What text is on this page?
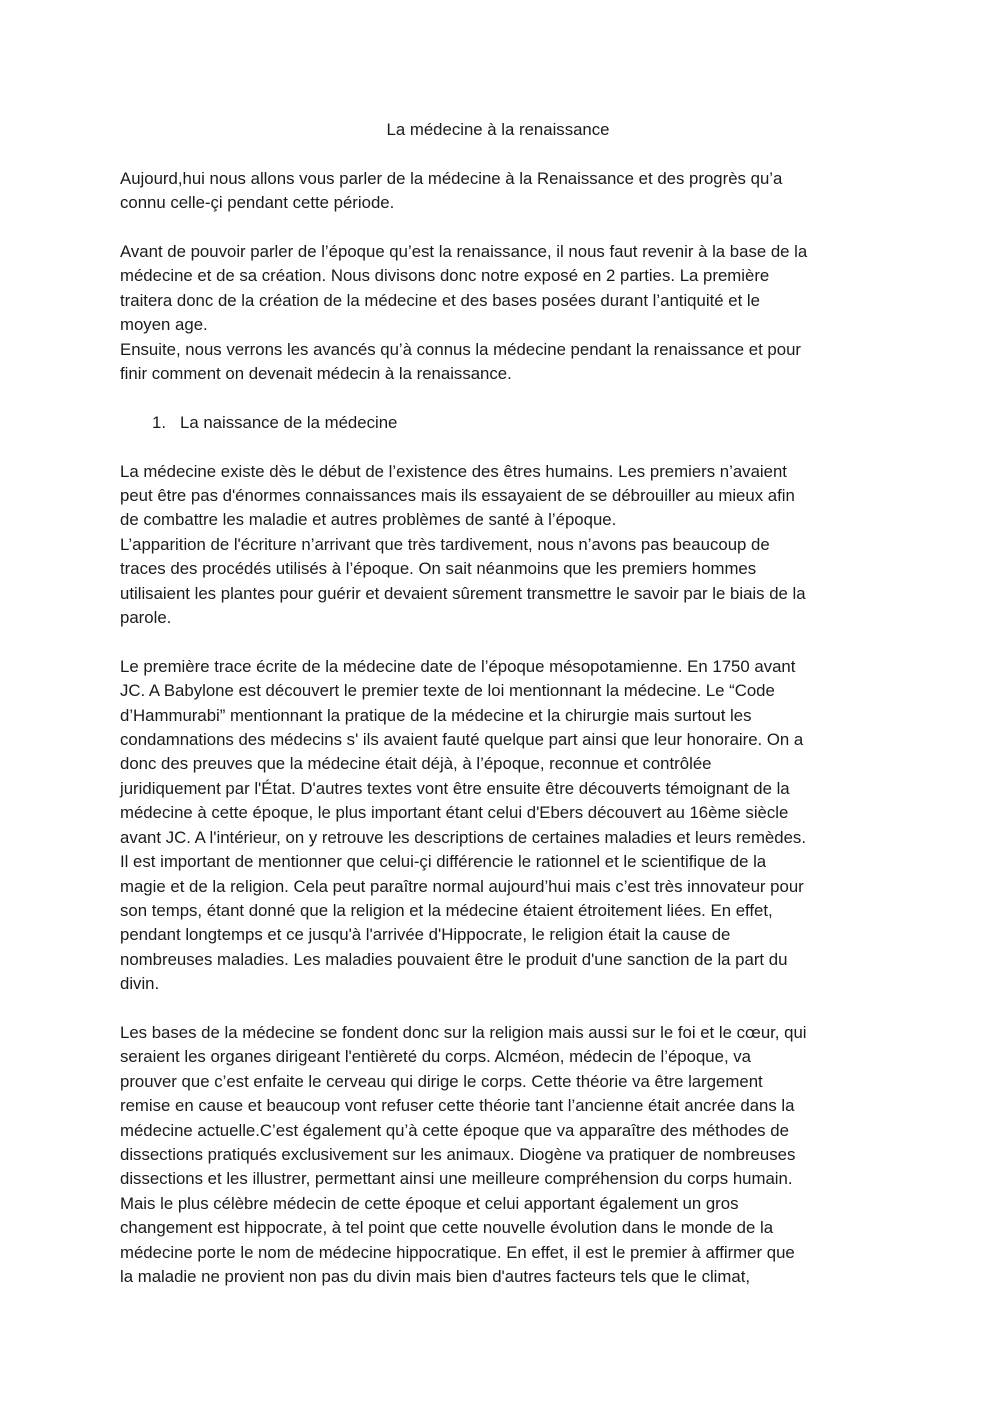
La médecine à la renaissance

Aujourd,hui nous allons vous parler de la médecine à la Renaissance et des progrès qu’a
connu celle-çi pendant cette période.

Avant de pouvoir parler de l’époque qu’est la renaissance, il nous faut revenir à la base de la
médecine et de sa création. Nous divisons donc notre exposé en 2 parties. La première
traitera donc de la création de la médecine et des bases posées durant l’antiquité et le
moyen age.

Ensuite, nous verrons les avancés qu’à connus la médecine pendant la renaissance et pour
finir comment on devenait médecin à la renaissance.

1. La naissance de la médecine

La médecine existe dès le début de l’existence des êtres humains. Les premiers n’avaient
peut être pas d'énormes connaissances mais ils essayaient de se débrouiller au mieux afin
de combattre les maladie et autres problèmes de santé à l’époque.

L’apparition de l'écriture n’arrivant que très tardivement, nous n’avons pas beaucoup de
traces des procédés utilisés à l’époque. On sait néanmoins que les premiers hommes
utilisaient les plantes pour guérir et devaient sûrement transmettre le savoir par le biais de la
parole.

Le première trace écrite de la médecine date de l’époque mésopotamienne. En 1750 avant
JC. A Babylone est découvert le premier texte de loi mentionnant la médecine. Le “Code
d’Hammurabi” mentionnant la pratique de la médecine et la chirurgie mais surtout les
condamnations des médecins s' ils avaient fauté quelque part ainsi que leur honoraire. On a
donc des preuves que la médecine était déjà, à l’époque, reconnue et contrôlée
juridiquement par l'État. D'autres textes vont être ensuite être découverts témoignant de la
médecine à cette époque, le plus important étant celui d'Ebers découvert au 16ème siècle
avant JC. A l'intérieur, on y retrouve les descriptions de certaines maladies et leurs remèdes.
Il est important de mentionner que celui-çi différencie le rationnel et le scientifique de la
magie et de la religion. Cela peut paraître normal aujourd’hui mais c’est très innovateur pour
son temps, étant donné que la religion et la médecine étaient étroitement liées. En effet,
pendant longtemps et ce jusqu'à l'arrivée d'Hippocrate, le religion était la cause de
nombreuses maladies. Les maladies pouvaient être le produit d'une sanction de la part du
divin.

Les bases de la médecine se fondent donc sur la religion mais aussi sur le foi et le cœur, qui
seraient les organes dirigeant l'entièreté du corps. Alcméon, médecin de l’époque, va
prouver que c’est enfaite le cerveau qui dirige le corps. Cette théorie va être largement
remise en cause et beaucoup vont refuser cette théorie tant l’ancienne était ancrée dans la
médecine actuelle.C’est également qu’à cette époque que va apparaître des méthodes de
dissections pratiqués exclusivement sur les animaux. Diogène va pratiquer de nombreuses
dissections et les illustrer, permettant ainsi une meilleure compréhension du corps humain.
Mais le plus célèbre médecin de cette époque et celui apportant également un gros
changement est hippocrate, à tel point que cette nouvelle évolution dans le monde de la
médecine porte le nom de médecine hippocratique. En effet, il est le premier à affirmer que
la maladie ne provient non pas du divin mais bien d'autres facteurs tels que le climat,
